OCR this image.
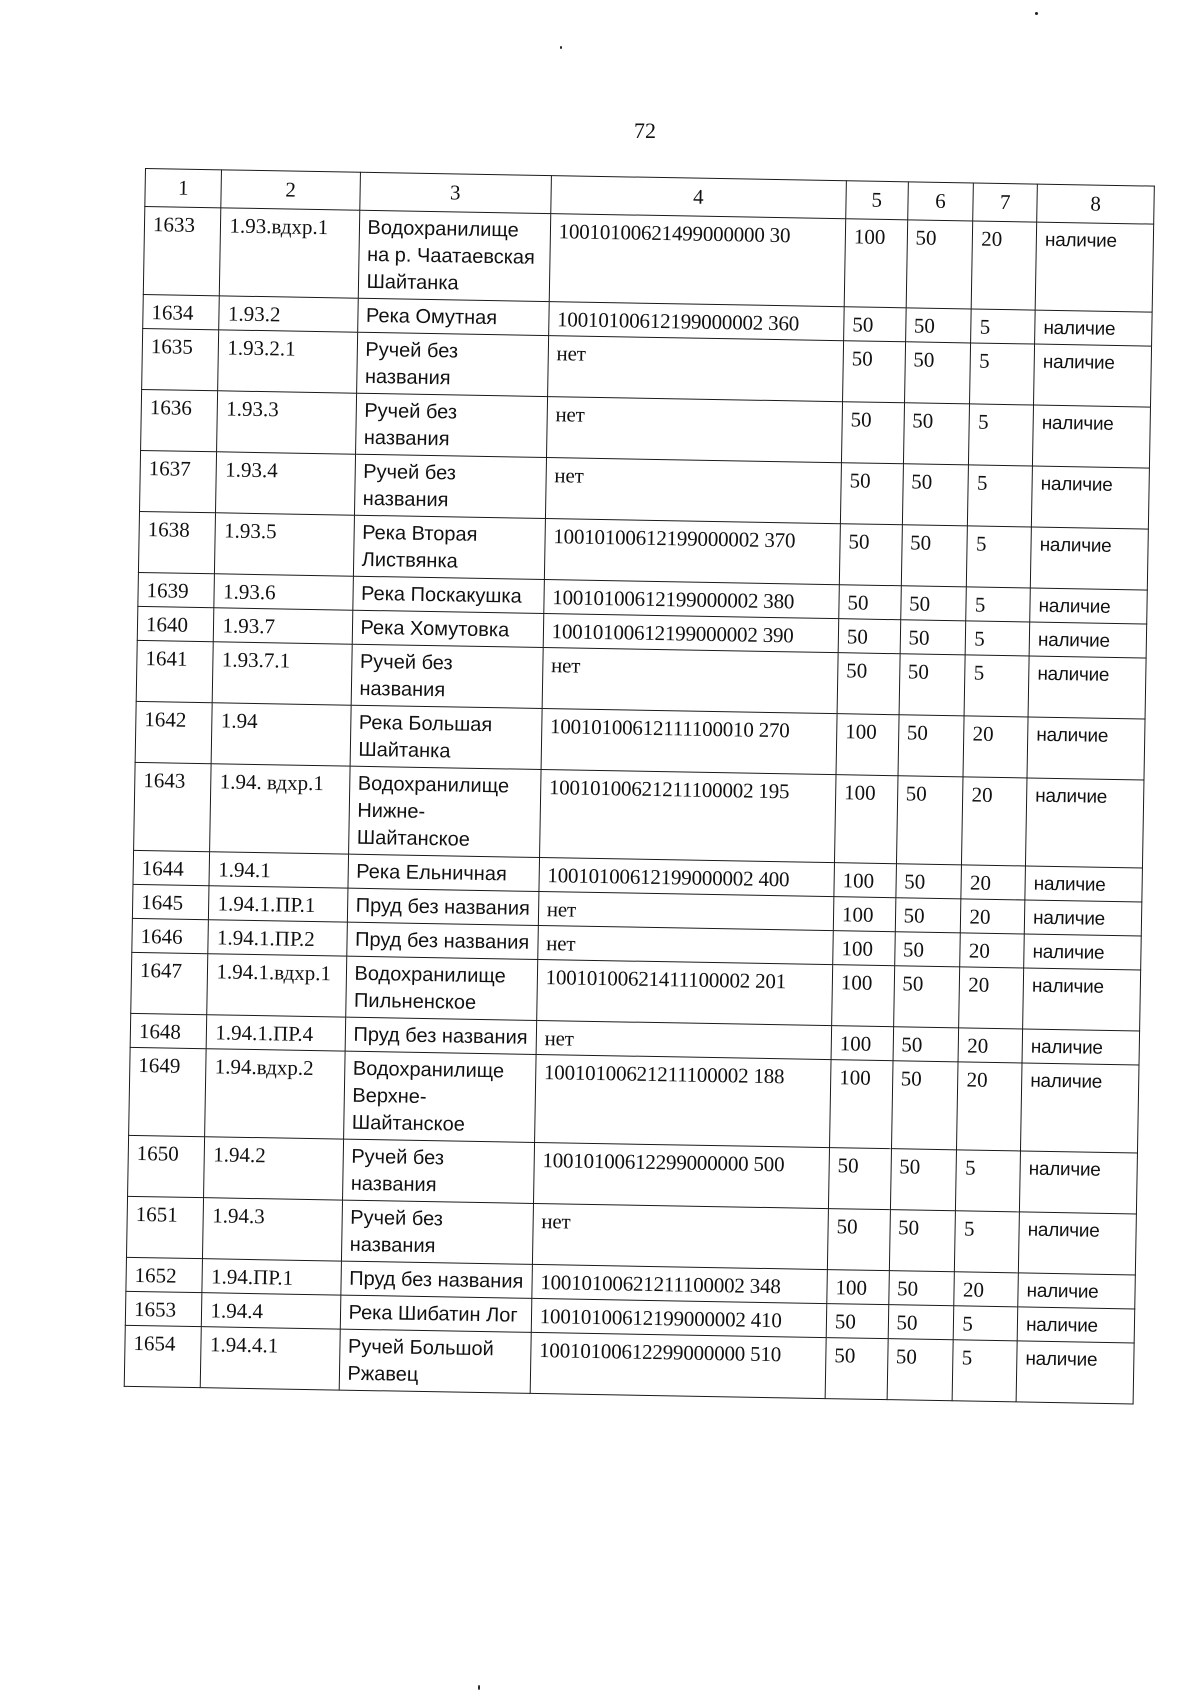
72
1	2	3	4	5	6	7	8
1633	1.93.вдхр.1	Водохранилище на р. Чаатаевская Шайтанка	10010100621499000000 30	100	50	20	наличие
1634	1.93.2	Река Омутная	10010100612199000002 360	50	50	5	наличие
1635	1.93.2.1	Ручей без названия	нет	50	50	5	наличие
1636	1.93.3	Ручей без названия	нет	50	50	5	наличие
1637	1.93.4	Ручей без названия	нет	50	50	5	наличие
1638	1.93.5	Река Вторая Листвянка	10010100612199000002 370	50	50	5	наличие
1639	1.93.6	Река Поскакушка	10010100612199000002 380	50	50	5	наличие
1640	1.93.7	Река Хомутовка	10010100612199000002 390	50	50	5	наличие
1641	1.93.7.1	Ручей без названия	нет	50	50	5	наличие
1642	1.94	Река Большая Шайтанка	10010100612111100010 270	100	50	20	наличие
1643	1.94. вдхр.1	Водохранилище Нижне-Шайтанское	10010100621211100002 195	100	50	20	наличие
1644	1.94.1	Река Ельничная	10010100612199000002 400	100	50	20	наличие
1645	1.94.1.ПР.1	Пруд без названия	нет	100	50	20	наличие
1646	1.94.1.ПР.2	Пруд без названия	нет	100	50	20	наличие
1647	1.94.1.вдхр.1	Водохранилище Пильненское	10010100621411100002 201	100	50	20	наличие
1648	1.94.1.ПР.4	Пруд без названия	нет	100	50	20	наличие
1649	1.94.вдхр.2	Водохранилище Верхне-Шайтанское	10010100621211100002 188	100	50	20	наличие
1650	1.94.2	Ручей без названия	10010100612299000000 500	50	50	5	наличие
1651	1.94.3	Ручей без названия	нет	50	50	5	наличие
1652	1.94.ПР.1	Пруд без названия	10010100621211100002 348	100	50	20	наличие
1653	1.94.4	Река Шибатин Лог	10010100612199000002 410	50	50	5	наличие
1654	1.94.4.1	Ручей Большой Ржавец	10010100612299000000 510	50	50	5	наличие
